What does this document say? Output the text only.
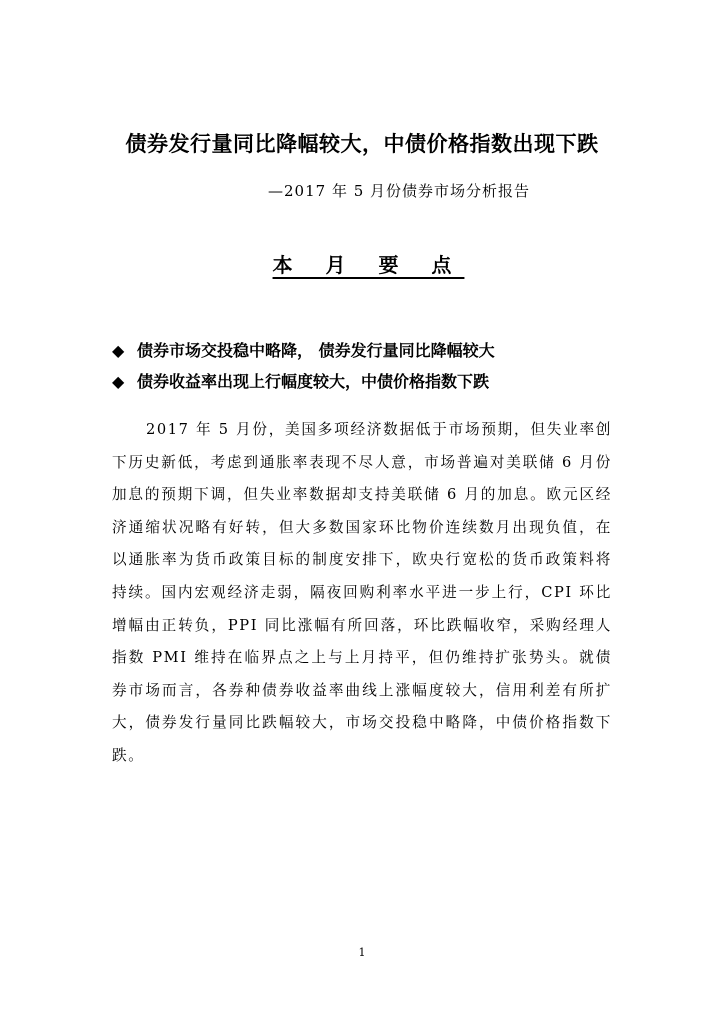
债券发行量同比降幅较大，中债价格指数出现下跌
—2017 年 5 月份债券市场分析报告
本 月 要 点
◆ 债券市场交投稳中略降， 债券发行量同比降幅较大
◆ 债券收益率出现上行幅度较大，中债价格指数下跌

2017 年 5 月份，美国多项经济数据低于市场预期，但失业率创下历史新低，考虑到通胀率表现不尽人意，市场普遍对美联储 6 月份加息的预期下调，但失业率数据却支持美联储 6 月的加息。欧元区经济通缩状况略有好转，但大多数国家环比物价连续数月出现负值，在以通胀率为货币政策目标的制度安排下，欧央行宽松的货币政策料将持续。国内宏观经济走弱，隔夜回购利率水平进一步上行，CPI 环比增幅由正转负，PPI 同比涨幅有所回落，环比跌幅收窄，采购经理人指数 PMI 维持在临界点之上与上月持平，但仍维持扩张势头。就债券市场而言，各券种债券收益率曲线上涨幅度较大，信用利差有所扩大，债券发行量同比跌幅较大，市场交投稳中略降，中债价格指数下跌。

1
